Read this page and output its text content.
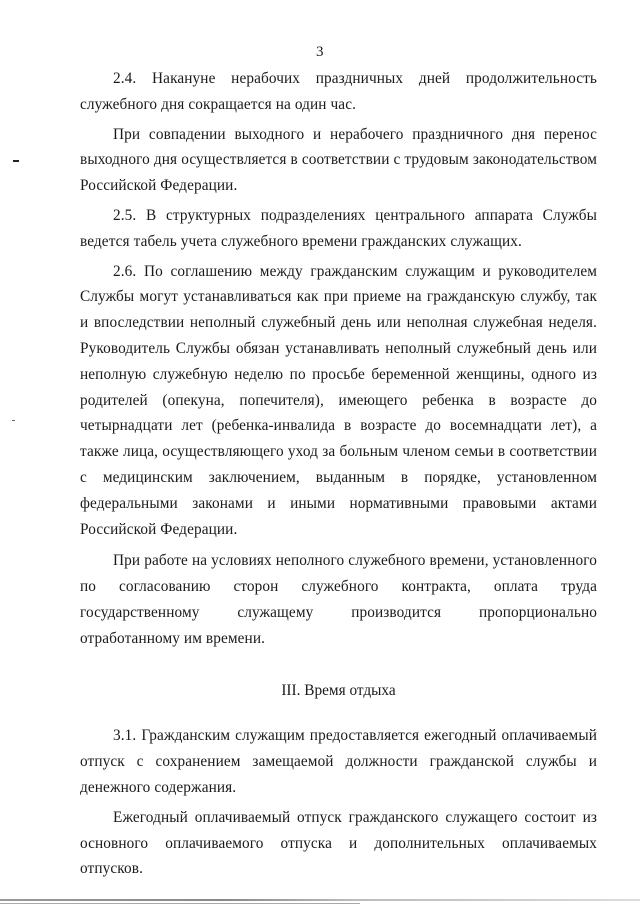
3

2.4. Накануне нерабочих праздничных дней продолжительность служебного дня сокращается на один час.

При совпадении выходного и нерабочего праздничного дня перенос выходного дня осуществляется в соответствии с трудовым законодательством Российской Федерации.

2.5. В структурных подразделениях центрального аппарата Службы ведется табель учета служебного времени гражданских служащих.

2.6. По соглашению между гражданским служащим и руководителем Службы могут устанавливаться как при приеме на гражданскую службу, так и впоследствии неполный служебный день или неполная служебная неделя. Руководитель Службы обязан устанавливать неполный служебный день или неполную служебную неделю по просьбе беременной женщины, одного из родителей (опекуна, попечителя), имеющего ребенка в возрасте до четырнадцати лет (ребенка-инвалида в возрасте до восемнадцати лет), а также лица, осуществляющего уход за больным членом семьи в соответствии с медицинским заключением, выданным в порядке, установленном федеральными законами и иными нормативными правовыми актами Российской Федерации.

При работе на условиях неполного служебного времени, установленного по согласованию сторон служебного контракта, оплата труда государственному служащему производится пропорционально отработанному им времени.

III. Время отдыха

3.1. Гражданским служащим предоставляется ежегодный оплачиваемый отпуск с сохранением замещаемой должности гражданской службы и денежного содержания.

Ежегодный оплачиваемый отпуск гражданского служащего состоит из основного оплачиваемого отпуска и дополнительных оплачиваемых отпусков.
